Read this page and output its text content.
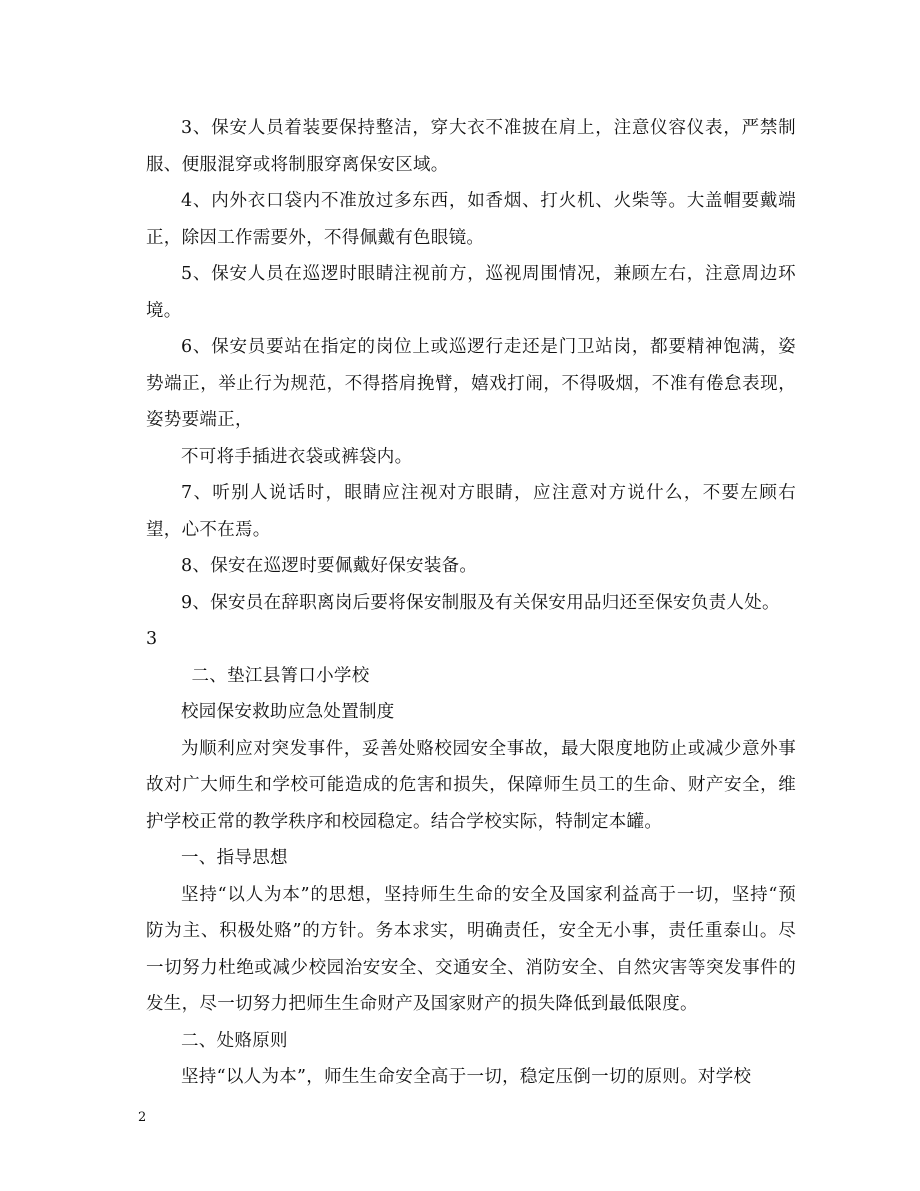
3、保安人员着装要保持整洁，穿大衣不准披在肩上，注意仪容仪表，严禁制服、便服混穿或将制服穿离保安区域。

4、内外衣口袋内不准放过多东西，如香烟、打火机、火柴等。大盖帽要戴端正，除因工作需要外，不得佩戴有色眼镜。

5、保安人员在巡逻时眼睛注视前方，巡视周围情况，兼顾左右，注意周边环境。

6、保安员要站在指定的岗位上或巡逻行走还是门卫站岗，都要精神饱满，姿势端正，举止行为规范，不得搭肩挽臂，嬉戏打闹，不得吸烟，不准有倦怠表现，姿势要端正，

不可将手插进衣袋或裤袋内。

7、听别人说话时，眼睛应注视对方眼睛，应注意对方说什么，不要左顾右望，心不在焉。

8、保安在巡逻时要佩戴好保安装备。

9、保安员在辞职离岗后要将保安制服及有关保安用品归还至保安负责人处。

3

二、垫江县箐口小学校

校园保安救助应急处置制度

为顺利应对突发事件，妥善处赂校园安全事故，最大限度地防止或减少意外事故对广大师生和学校可能造成的危害和损失，保障师生员工的生命、财产安全，维护学校正常的教学秩序和校园稳定。结合学校实际，特制定本罐。

一、指导思想

坚持“以人为本”的思想，坚持师生生命的安全及国家利益高于一切，坚持“预防为主、积极处赂”的方针。务本求实，明确责任，安全无小事，责任重泰山。尽一切努力杜绝或减少校园治安安全、交通安全、消防安全、自然灾害等突发事件的发生，尽一切努力把师生生命财产及国家财产的损失降低到最低限度。

二、处赂原则

坚持“以人为本”，师生生命安全高于一切，稳定压倒一切的原则。对学校

2
